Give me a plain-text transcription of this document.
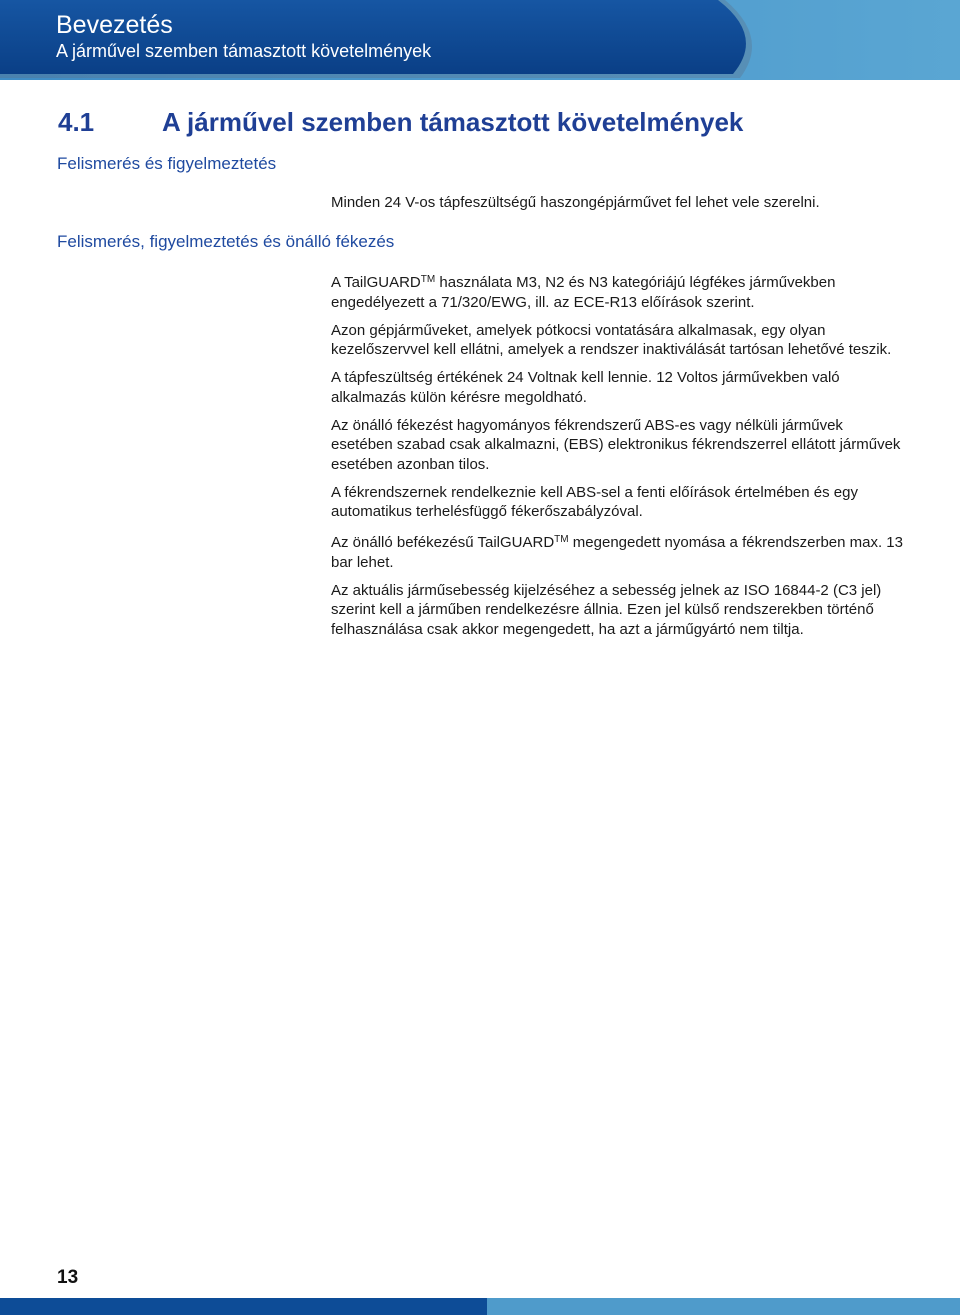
Bevezetés
A járművel szemben támasztott követelmények
4.1	A járművel szemben támasztott követelmények
Felismerés és figyelmeztetés

Minden 24 V-os tápfeszültségű haszongépjárművet fel lehet vele szerelni.

Felismerés, figyelmeztetés és önálló fékezés

A TailGUARD™ használata M3, N2 és N3 kategóriájú légfékes járművekben engedélyezett a 71/320/EWG, ill. az ECE-R13 előírások szerint.

Azon gépjárműveket, amelyek pótkocsi vontatására alkalmasak, egy olyan kezelőszervvel kell ellátni, amelyek a rendszer inaktiválását tartósan lehetővé teszik.

A tápfeszültség értékének 24 Voltnak kell lennie. 12 Voltos járművekben való alkalmazás külön kérésre megoldható.

Az önálló fékezést hagyományos fékrendszerű ABS-es vagy nélküli járművek esetében szabad csak alkalmazni, (EBS) elektronikus fékrendszerrel ellátott járművek esetében azonban tilos.

A fékrendszernek rendelkeznie kell ABS-sel a fenti előírások értelmében és egy automatikus terhelésfüggő fékerőszabályzóval.

Az önálló befékezésű TailGUARD™ megengedett nyomása a fékrendszerben max. 13 bar lehet.

Az aktuális járműsebesség kijelzéséhez a sebesség jelnek az ISO 16844-2 (C3 jel) szerint kell a járműben rendelkezésre állnia. Ezen jel külső rendszerekben történő felhasználása csak akkor megengedett, ha azt a járműgyártó nem tiltja.

13
